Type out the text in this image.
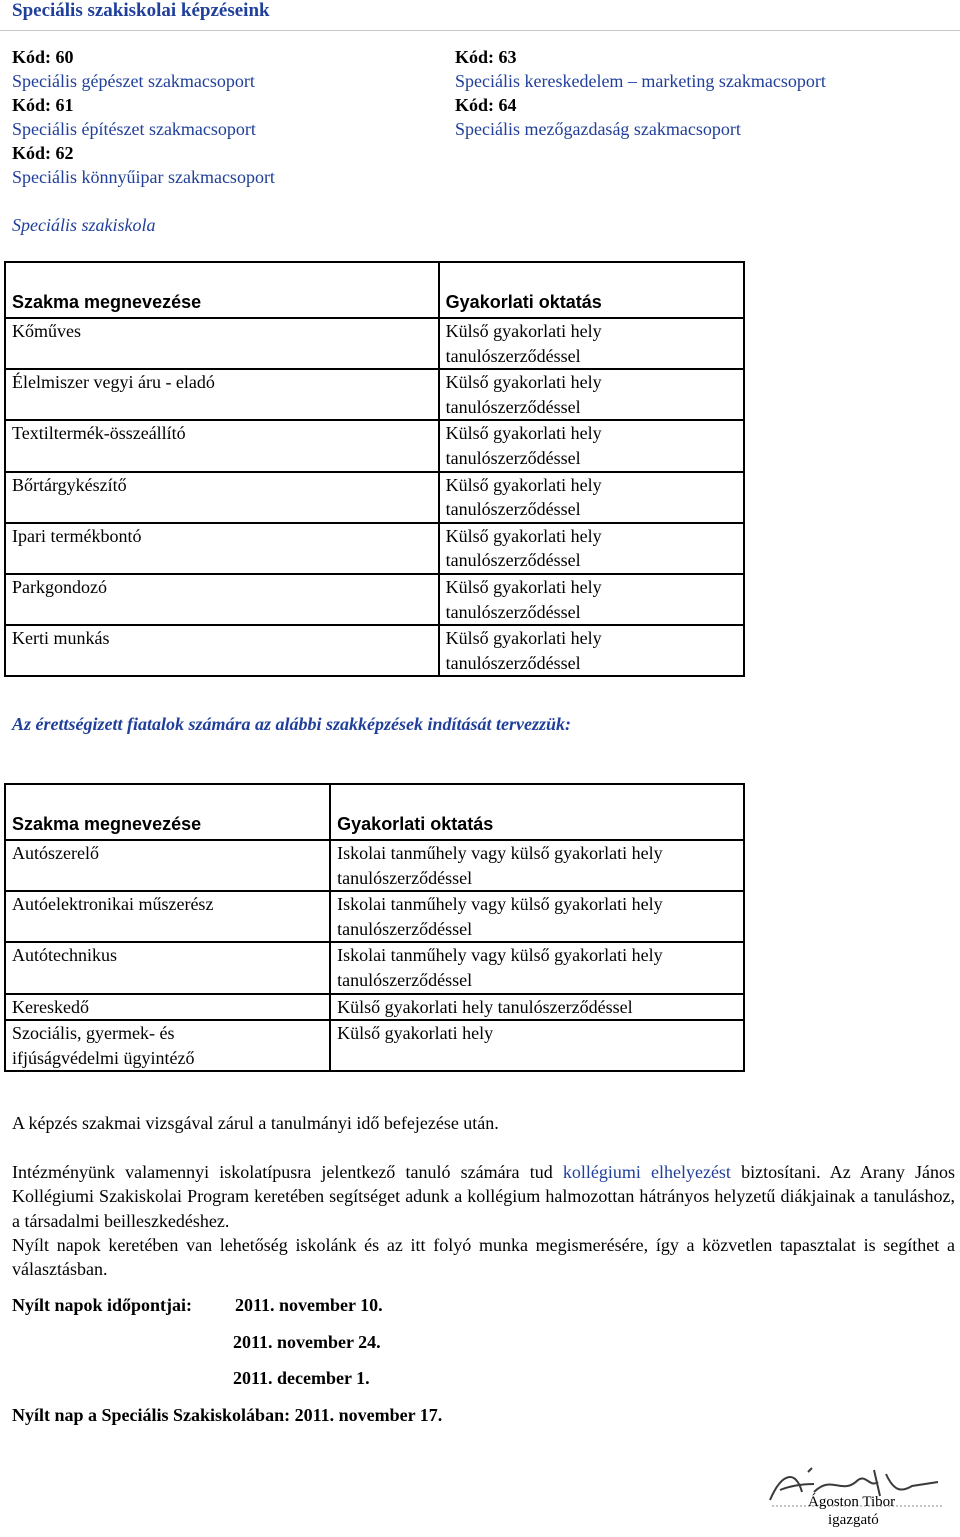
Speciális szakiskolai képzéseink
Kód: 60
Speciális gépészet szakmacsoport
Kód: 61
Speciális építészet szakmacsoport
Kód: 62
Speciális könnyűipar szakmacsoport
Kód: 63
Speciális kereskedelem – marketing szakmacsoport
Kód: 64
Speciális mezőgazdaság szakmacsoport
Speciális szakiskola
Szakma megnevezése	Gyakorlati oktatás
Kőműves	Külső gyakorlati hely
tanulószerződéssel
Élelmiszer vegyi áru - eladó	Külső gyakorlati hely
tanulószerződéssel
Textiltermék-összeállító	Külső gyakorlati hely
tanulószerződéssel
Bőrtárgykészítő	Külső gyakorlati hely
tanulószerződéssel
Ipari termékbontó	Külső gyakorlati hely
tanulószerződéssel
Parkgondozó	Külső gyakorlati hely
tanulószerződéssel
Kerti munkás	Külső gyakorlati hely
tanulószerződéssel
Az érettségizett fiatalok számára az alábbi szakképzések indítását tervezzük:
Szakma megnevezése	Gyakorlati oktatás
Autószerelő	Iskolai tanműhely vagy külső gyakorlati hely
tanulószerződéssel
Autóelektronikai műszerész	Iskolai tanműhely vagy külső gyakorlati hely
tanulószerződéssel
Autótechnikus	Iskolai tanműhely vagy külső gyakorlati hely
tanulószerződéssel
Kereskedő	Külső gyakorlati hely tanulószerződéssel
Szociális, gyermek- és
ifjúságvédelmi ügyintéző	Külső gyakorlati hely
A képzés szakmai vizsgával zárul a tanulmányi idő befejezése után.
Intézményünk valamennyi iskolatípusra jelentkező tanuló számára tud kollégiumi elhelyezést biztosítani. Az Arany János Kollégiumi Szakiskolai Program keretében segítséget adunk a kollégium halmozottan hátrányos helyzetű diákjainak a tanuláshoz, a társadalmi beilleszkedéshez.
Nyílt napok keretében van lehetőség iskolánk és az itt folyó munka megismerésére, így a közvetlen tapasztalat is segíthet a választásban.
Nyílt napok időpontjai: 2011. november 10.
2011. november 24.
2011. december 1.
Nyílt nap a Speciális Szakiskolában: 2011. november 17.
Ágoston Tibor
igazgató
